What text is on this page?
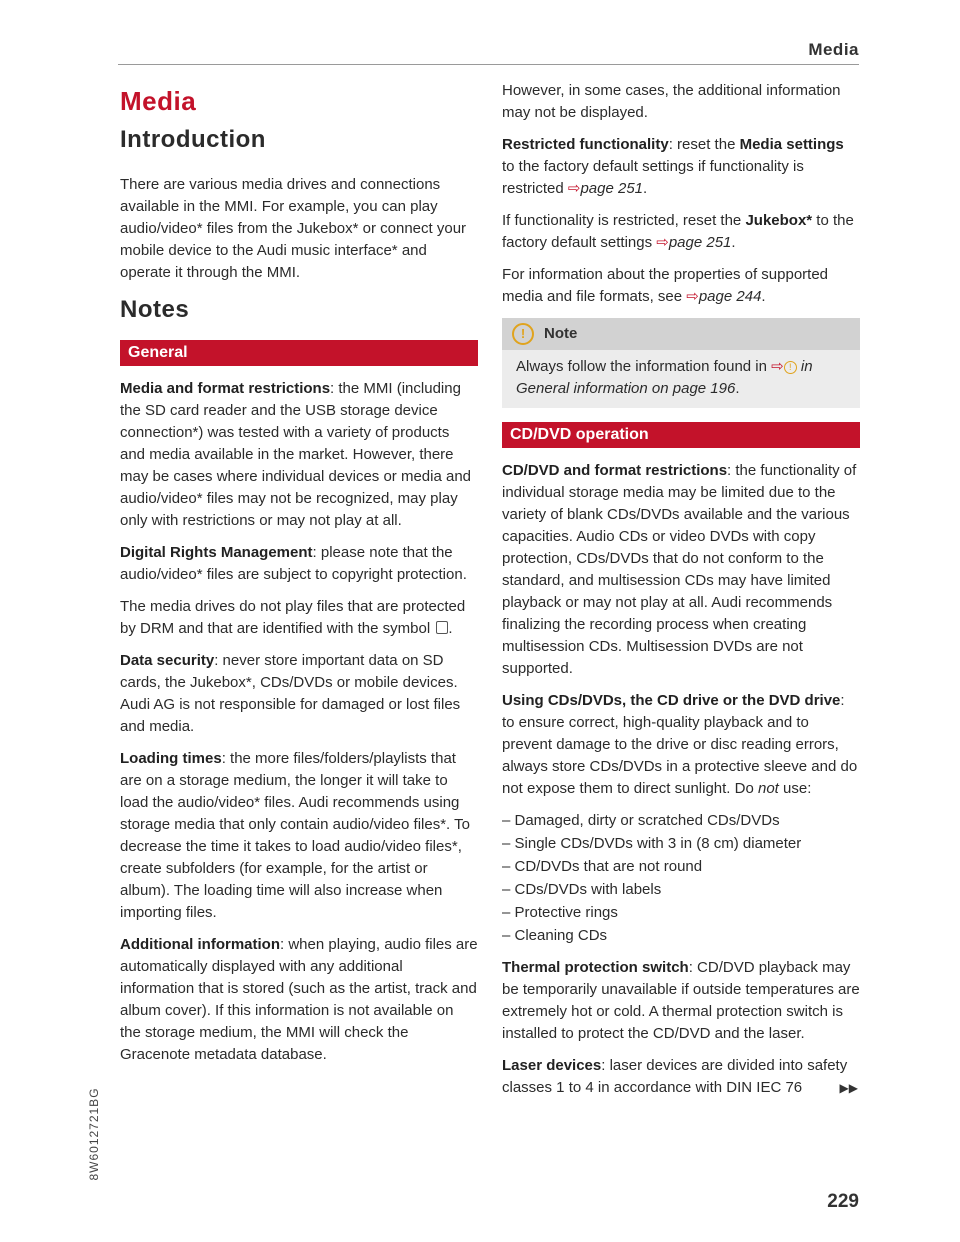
Media
8W6012721BG
Media
Introduction

There are various media drives and connections available in the MMI. For example, you can play audio/video* files from the Jukebox* or connect your mobile device to the Audi music interface* and operate it through the MMI.

Notes
General

Media and format restrictions: the MMI (including the SD card reader and the USB storage device connection*) was tested with a variety of products and media available in the market. However, there may be cases where individual devices or media and audio/video* files may not be recognized, may play only with restrictions or may not play at all.

Digital Rights Management: please note that the audio/video* files are subject to copyright protection.

The media drives do not play files that are protected by DRM and that are identified with the symbol .

Data security: never store important data on SD cards, the Jukebox*, CDs/DVDs or mobile devices. Audi AG is not responsible for damaged or lost files and media.

Loading times: the more files/folders/playlists that are on a storage medium, the longer it will take to load the audio/video* files. Audi recommends using storage media that only contain audio/video files*. To decrease the time it takes to load audio/video files*, create subfolders (for example, for the artist or album). The loading time will also increase when importing files.

Additional information: when playing, audio files are automatically displayed with any additional information that is stored (such as the artist, track and album cover). If this information is not available on the storage medium, the MMI will check the Gracenote metadata database.

However, in some cases, the additional information may not be displayed.

Restricted functionality: reset the Media settings to the factory default settings if functionality is restricted ⇨page 251.

If functionality is restricted, reset the Jukebox* to the factory default settings ⇨page 251.

For information about the properties of supported media and file formats, see ⇨page 244.

! Note
Always follow the information found in ⇨ ! in General information on page 196.
CD/DVD operation

CD/DVD and format restrictions: the functionality of individual storage media may be limited due to the variety of blank CDs/DVDs available and the various capacities. Audio CDs or video DVDs with copy protection, CDs/DVDs that do not conform to the standard, and multisession CDs may have limited playback or may not play at all. Audi recommends finalizing the recording process when creating multisession CDs. Multisession DVDs are not supported.

Using CDs/DVDs, the CD drive or the DVD drive: to ensure correct, high-quality playback and to prevent damage to the drive or disc reading errors, always store CDs/DVDs in a protective sleeve and do not expose them to direct sunlight. Do not use:

– Damaged, dirty or scratched CDs/DVDs
– Single CDs/DVDs with 3 in (8 cm) diameter
– CD/DVDs that are not round
– CDs/DVDs with labels
– Protective rings
– Cleaning CDs

Thermal protection switch: CD/DVD playback may be temporarily unavailable if outside temperatures are extremely hot or cold. A thermal protection switch is installed to protect the CD/DVD and the laser.

Laser devices: laser devices are divided into safety classes 1 to 4 in accordance with DIN IEC 76	▶▶

229
